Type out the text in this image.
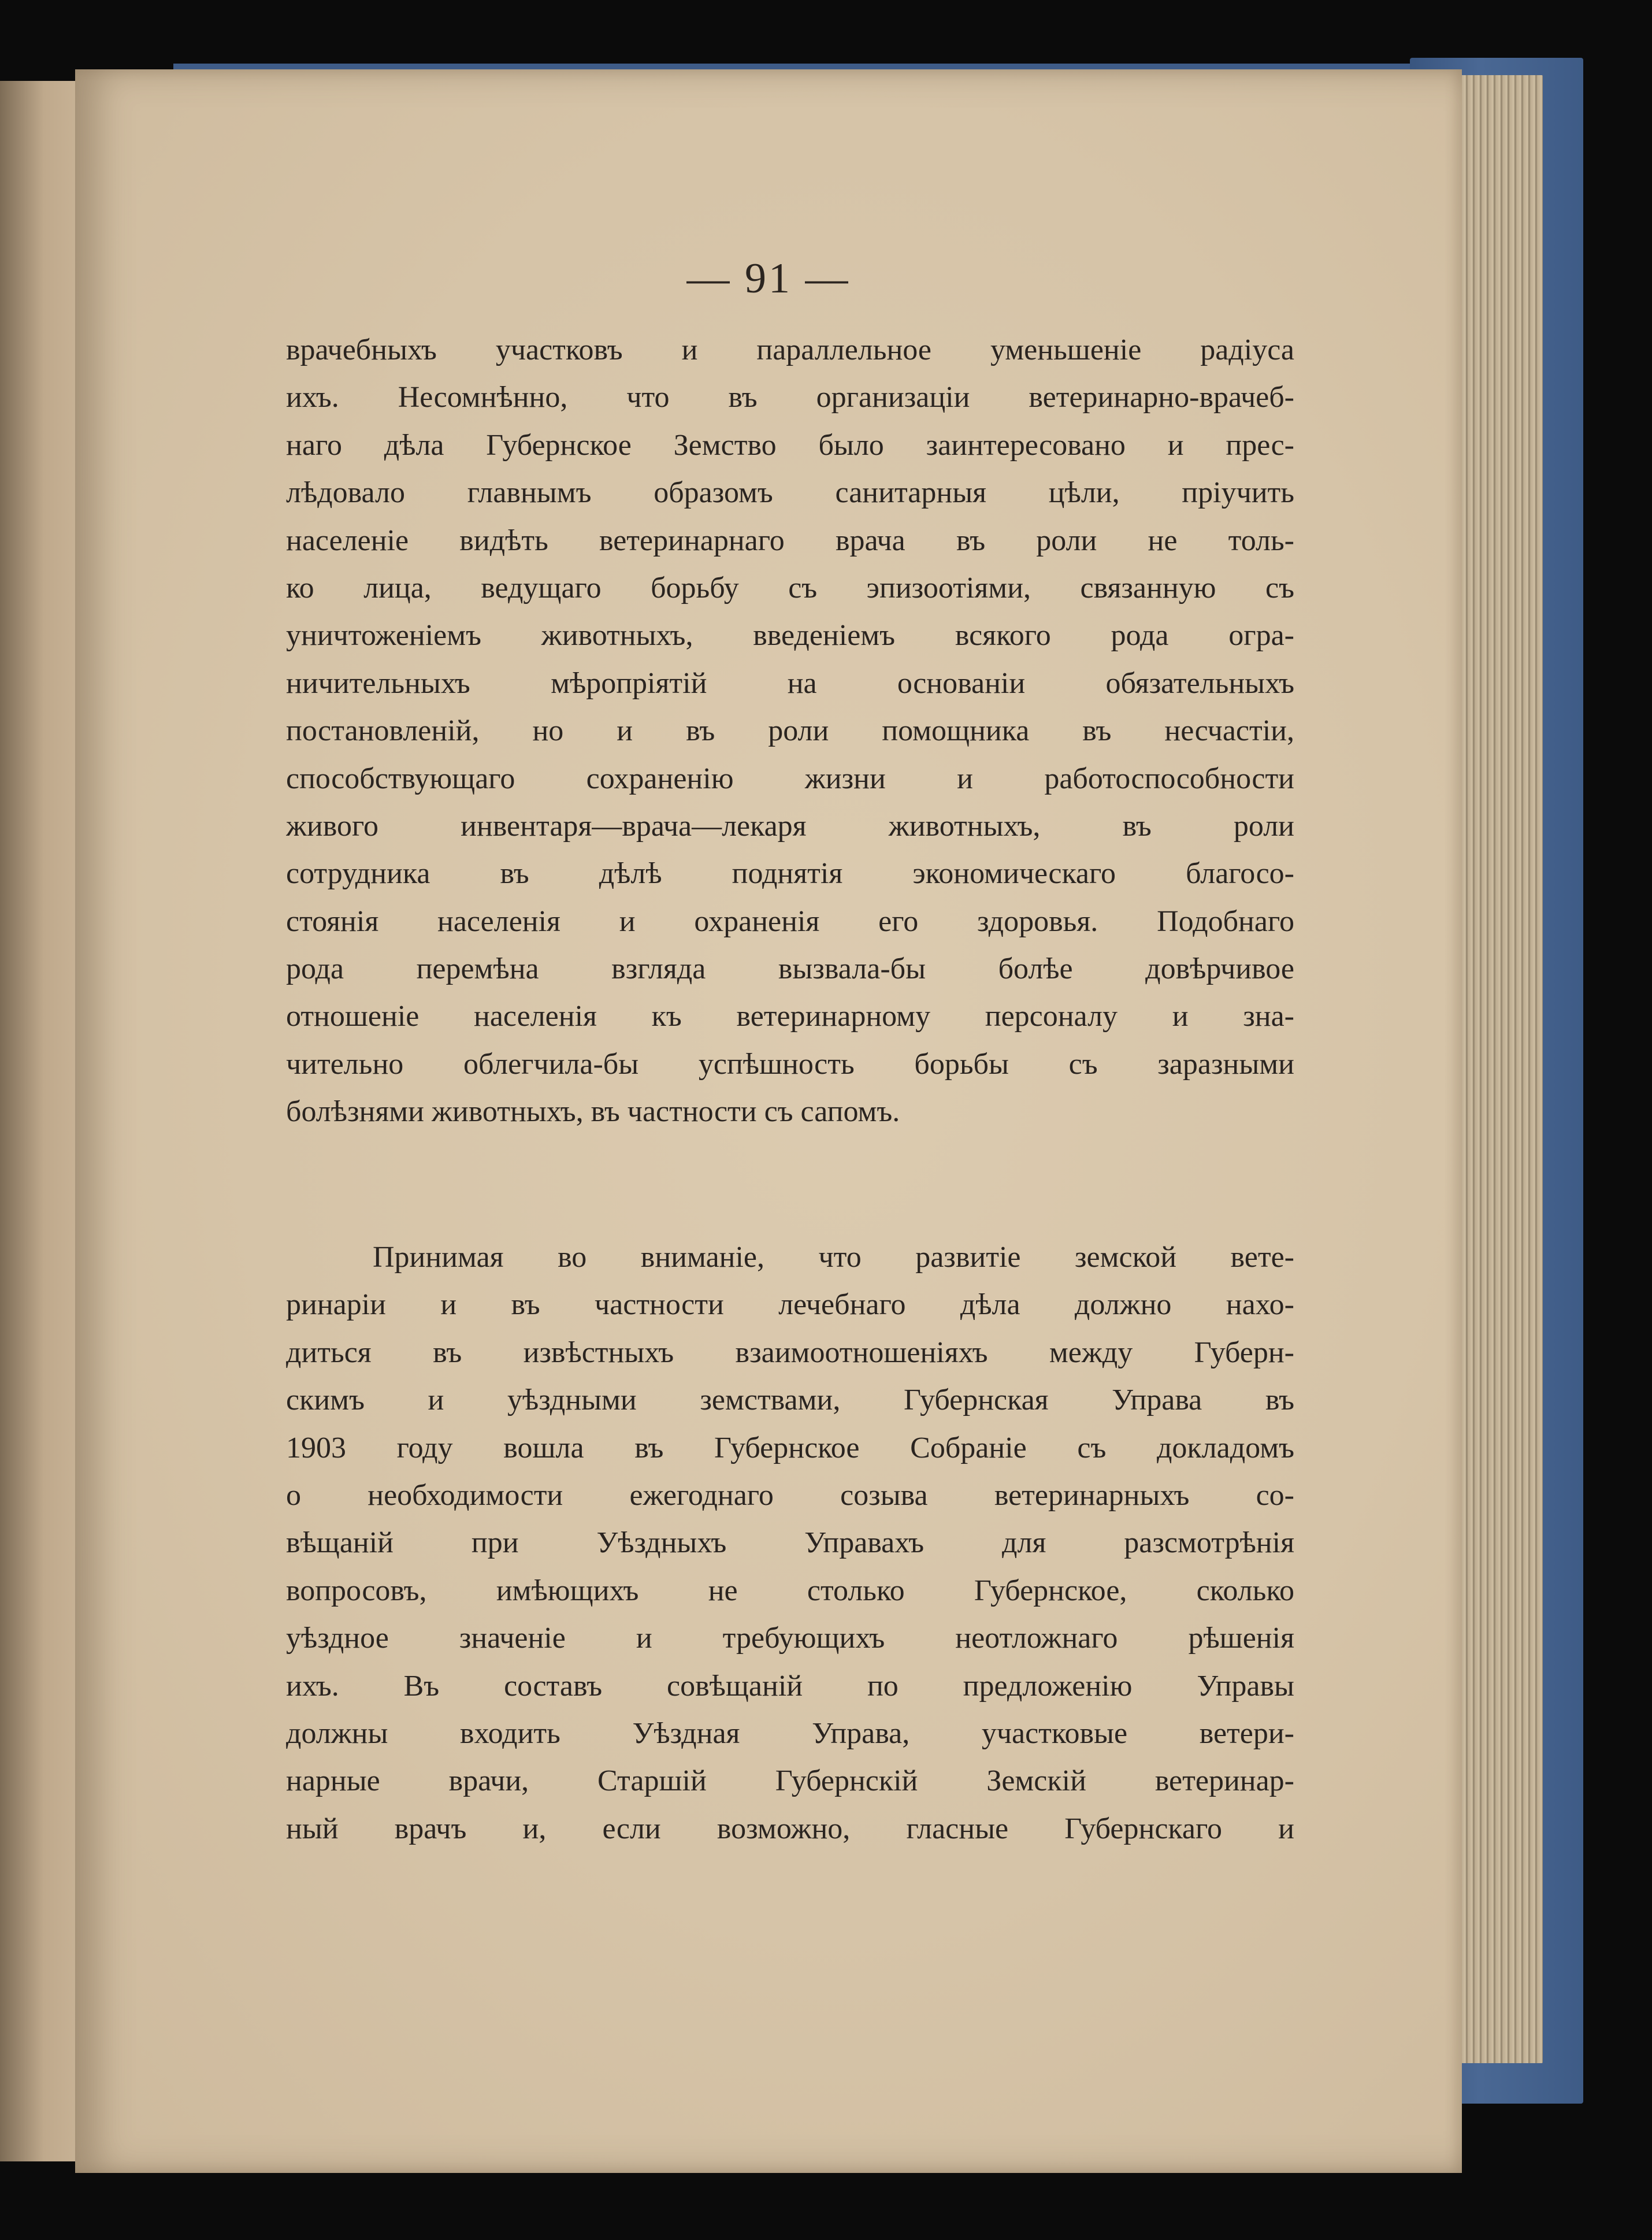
— 91 —
врачебныхъ участковъ и параллельное уменьшеніе радіуса
ихъ. Несомнѣнно, что въ организаціи ветеринарно-врачеб-
наго дѣла Губернское Земство было заинтересовано и прес-
лѣдовало главнымъ образомъ санитарныя цѣли, пріучить
населеніе видѣть ветеринарнаго врача въ роли не толь-
ко лица, ведущаго борьбу съ эпизоотіями, связанную съ
уничтоженіемъ животныхъ, введеніемъ всякого рода огра-
ничительныхъ мѣропріятій на основаніи обязательныхъ
постановленій, но и въ роли помощника въ несчастіи,
способствующаго сохраненію жизни и работоспособности
живого инвентаря—врача—лекаря животныхъ, въ роли
сотрудника въ дѣлѣ поднятія экономическаго благосо-
стоянія населенія и охраненія его здоровья. Подобнаго
рода перемѣна взгляда вызвала-бы болѣе довѣрчивое
отношеніе населенія къ ветеринарному персоналу и зна-
чительно облегчила-бы успѣшность борьбы съ заразными
болѣзнями животныхъ, въ частности съ сапомъ.
Принимая во вниманіе, что развитіе земской вете-
ринаріи и въ частности лечебнаго дѣла должно нахо-
диться въ извѣстныхъ взаимоотношеніяхъ между Губерн-
скимъ и уѣздными земствами, Губернская Управа въ
1903 году вошла въ Губернское Собраніе съ докладомъ
о необходимости ежегоднаго созыва ветеринарныхъ со-
вѣщаній при Уѣздныхъ Управахъ для разсмотрѣнія
вопросовъ, имѣющихъ не столько Губернское, сколько
уѣздное значеніе и требующихъ неотложнаго рѣшенія
ихъ. Въ составъ совѣщаній по предложенію Управы
должны входить Уѣздная Управа, участковые ветери-
нарные врачи, Старшій Губернскій Земскій ветеринар-
ный врачъ и, если возможно, гласные Губернскаго и
